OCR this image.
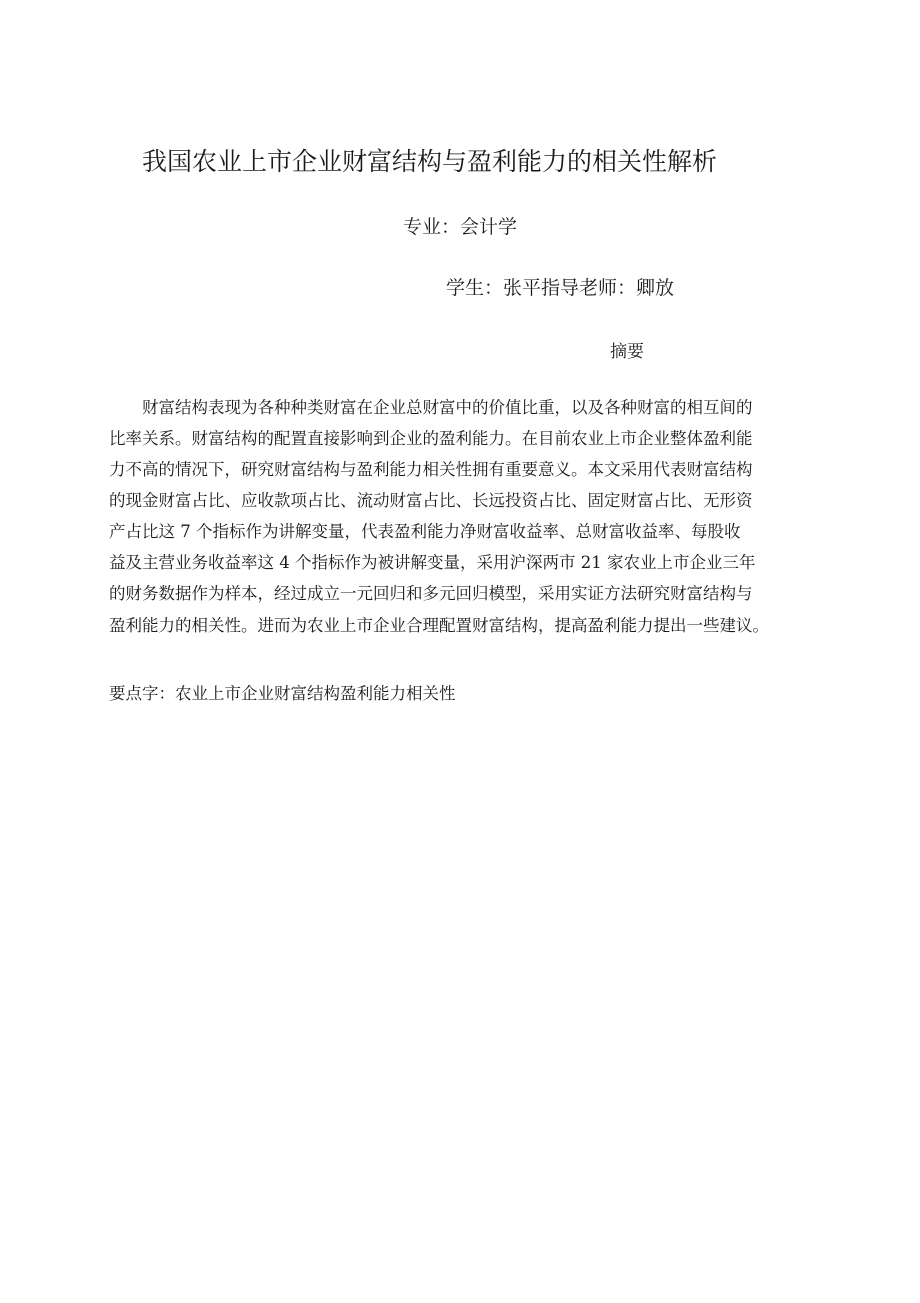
我国农业上市企业财富结构与盈利能力的相关性解析
专业：会计学
学生：张平指导老师：卿放
摘要
　　财富结构表现为各种种类财富在企业总财富中的价值比重，以及各种财富的相互间的
比率关系。财富结构的配置直接影响到企业的盈利能力。在目前农业上市企业整体盈利能
力不高的情况下，研究财富结构与盈利能力相关性拥有重要意义。本文采用代表财富结构
的现金财富占比、应收款项占比、流动财富占比、长远投资占比、固定财富占比、无形资
产占比这 7 个指标作为讲解变量，代表盈利能力净财富收益率、总财富收益率、每股收
益及主营业务收益率这 4 个指标作为被讲解变量，采用沪深两市 21 家农业上市企业三年
的财务数据作为样本，经过成立一元回归和多元回归模型，采用实证方法研究财富结构与
盈利能力的相关性。进而为农业上市企业合理配置财富结构，提高盈利能力提出一些建议。
要点字：农业上市企业财富结构盈利能力相关性
